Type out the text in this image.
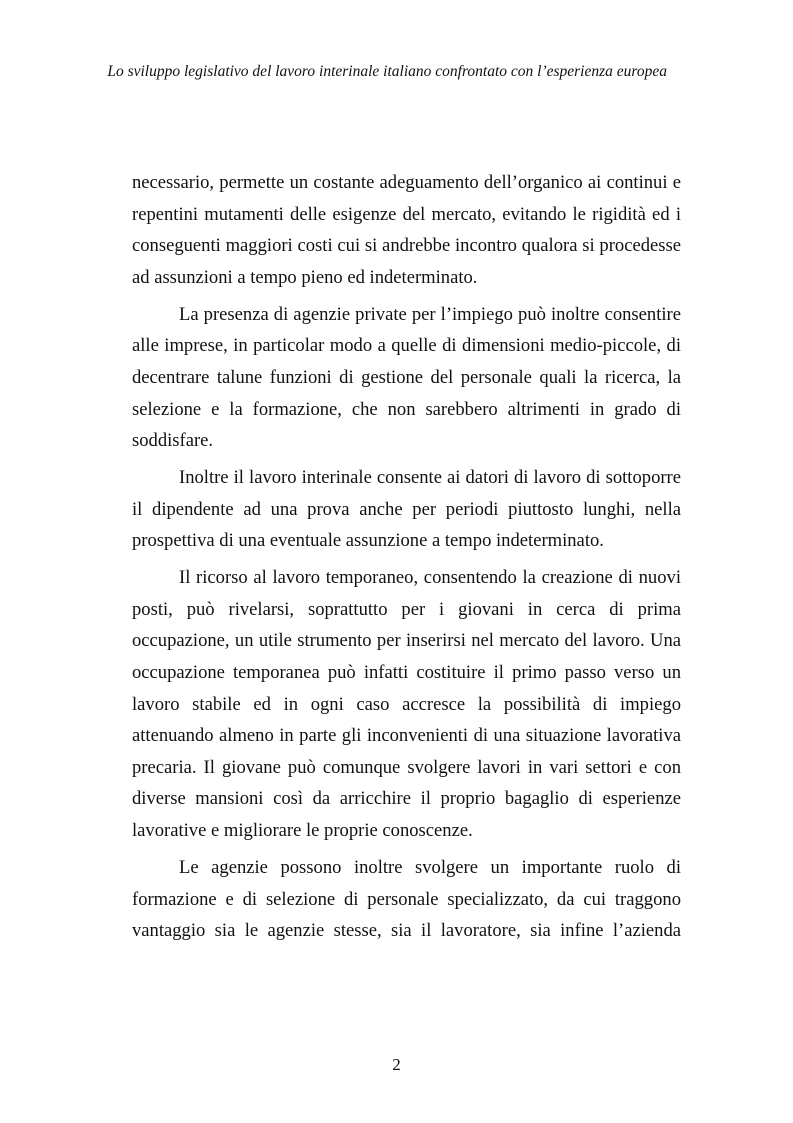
Lo sviluppo legislativo del lavoro interinale italiano confrontato con l’esperienza europea

necessario, permette un costante adeguamento dell’organico ai continui e repentini mutamenti delle esigenze del mercato, evitando le rigidità ed i conseguenti maggiori costi cui si andrebbe incontro qualora si procedesse ad assunzioni a tempo pieno ed indeterminato.

La presenza di agenzie private per l’impiego può inoltre consentire alle imprese, in particolar modo a quelle di dimensioni medio-piccole, di decentrare talune funzioni di gestione del personale quali la ricerca, la selezione e la formazione, che non sarebbero altrimenti in grado di soddisfare.

Inoltre il lavoro interinale consente ai datori di lavoro di sottoporre il dipendente ad una prova anche per periodi piuttosto lunghi, nella prospettiva di una eventuale assunzione a tempo indeterminato.

Il ricorso al lavoro temporaneo, consentendo la creazione di nuovi posti, può rivelarsi, soprattutto per i giovani in cerca di prima occupazione, un utile strumento per inserirsi nel mercato del lavoro. Una occupazione temporanea può infatti costituire il primo passo verso un lavoro stabile ed in ogni caso accresce la possibilità di impiego attenuando almeno in parte gli inconvenienti di una situazione lavorativa precaria. Il giovane può comunque svolgere lavori in vari settori e con diverse mansioni così da arricchire il proprio bagaglio di esperienze lavorative e migliorare le proprie conoscenze.

Le agenzie possono inoltre svolgere un importante ruolo di formazione e di selezione di personale specializzato, da cui traggono vantaggio sia le agenzie stesse, sia il lavoratore, sia infine l’azienda

2
